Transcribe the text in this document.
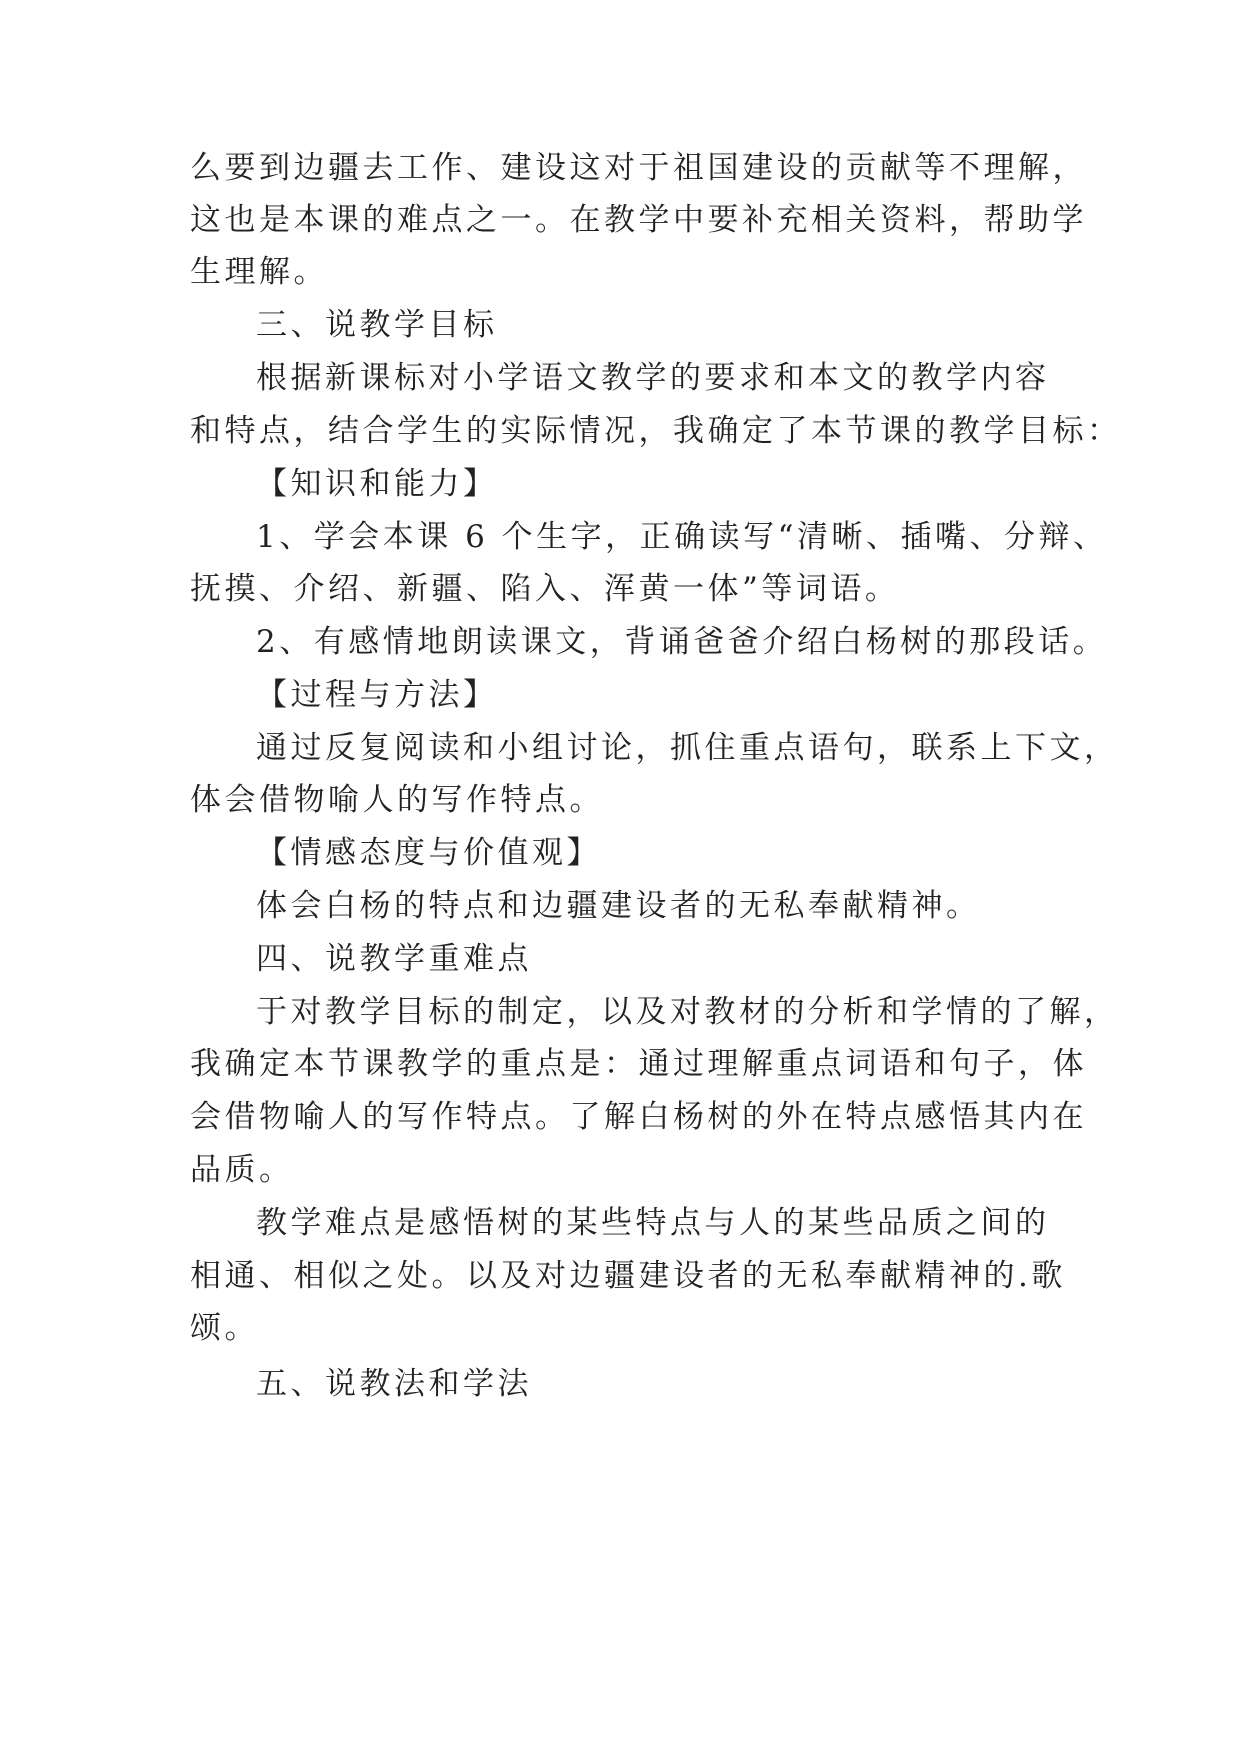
么要到边疆去工作、建设这对于祖国建设的贡献等不理解，
这也是本课的难点之一。在教学中要补充相关资料，帮助学
生理解。
三、说教学目标
根据新课标对小学语文教学的要求和本文的教学内容
和特点，结合学生的实际情况，我确定了本节课的教学目标：
【知识和能力】
1、学会本课 6 个生字，正确读写“清晰、插嘴、分辩、
抚摸、介绍、新疆、陷入、浑黄一体”等词语。
2、有感情地朗读课文，背诵爸爸介绍白杨树的那段话。
【过程与方法】
通过反复阅读和小组讨论，抓住重点语句，联系上下文，
体会借物喻人的写作特点。
【情感态度与价值观】
体会白杨的特点和边疆建设者的无私奉献精神。
四、说教学重难点
于对教学目标的制定，以及对教材的分析和学情的了解，
我确定本节课教学的重点是：通过理解重点词语和句子，体
会借物喻人的写作特点。了解白杨树的外在特点感悟其内在
品质。
教学难点是感悟树的某些特点与人的某些品质之间的
相通、相似之处。以及对边疆建设者的无私奉献精神的.歌
颂。
五、说教法和学法
